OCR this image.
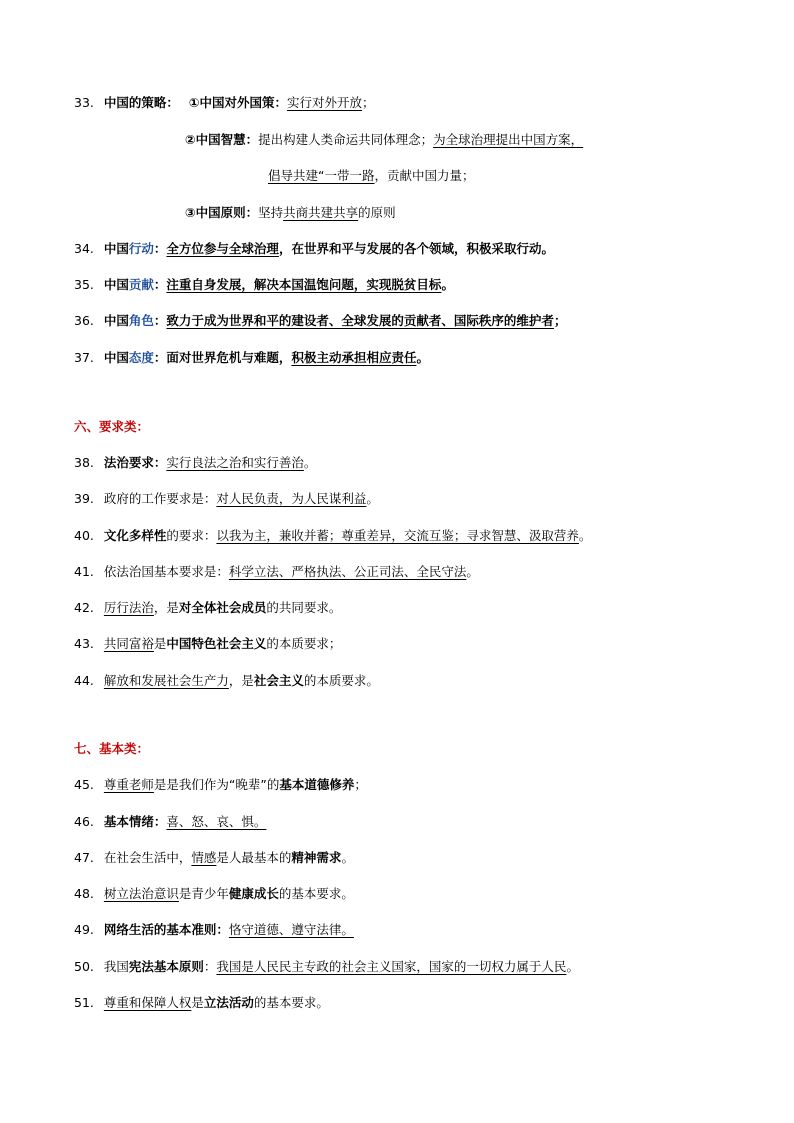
33. 中国的策略： ①中国对外国策：实行对外开放；
②中国智慧：提出构建人类命运共同体理念；为全球治理提出中国方案，
倡导共建“一带一路，贡献中国力量；
③中国原则：坚持共商共建共享的原则
34. 中国行动：全方位参与全球治理，在世界和平与发展的各个领域，积极采取行动。
35. 中国贡献：注重自身发展，解决本国温饱问题，实现脱贫目标。
36. 中国角色：致力于成为世界和平的建设者、全球发展的贡献者、国际秩序的维护者；
37. 中国态度：面对世界危机与难题，积极主动承担相应责任。
六、要求类：
38. 法治要求：实行良法之治和实行善治。
39. 政府的工作要求是：对人民负责，为人民谋利益。
40. 文化多样性的要求：以我为主，兼收并蓄；尊重差异，交流互鉴；寻求智慧、汲取营养。
41. 依法治国基本要求是：科学立法、严格执法、公正司法、全民守法。
42. 厉行法治，是对全体社会成员的共同要求。
43. 共同富裕是中国特色社会主义的本质要求；
44. 解放和发展社会生产力，是社会主义的本质要求。
七、基本类：
45. 尊重老师是是我们作为“晚辈”的基本道德修养；
46. 基本情绪：喜、怒、哀、惧。
47. 在社会生活中，情感是人最基本的精神需求。
48. 树立法治意识是青少年健康成长的基本要求。
49. 网络生活的基本准则：恪守道德、遵守法律。
50. 我国宪法基本原则：我国是人民民主专政的社会主义国家，国家的一切权力属于人民。
51. 尊重和保障人权是立法活动的基本要求。
